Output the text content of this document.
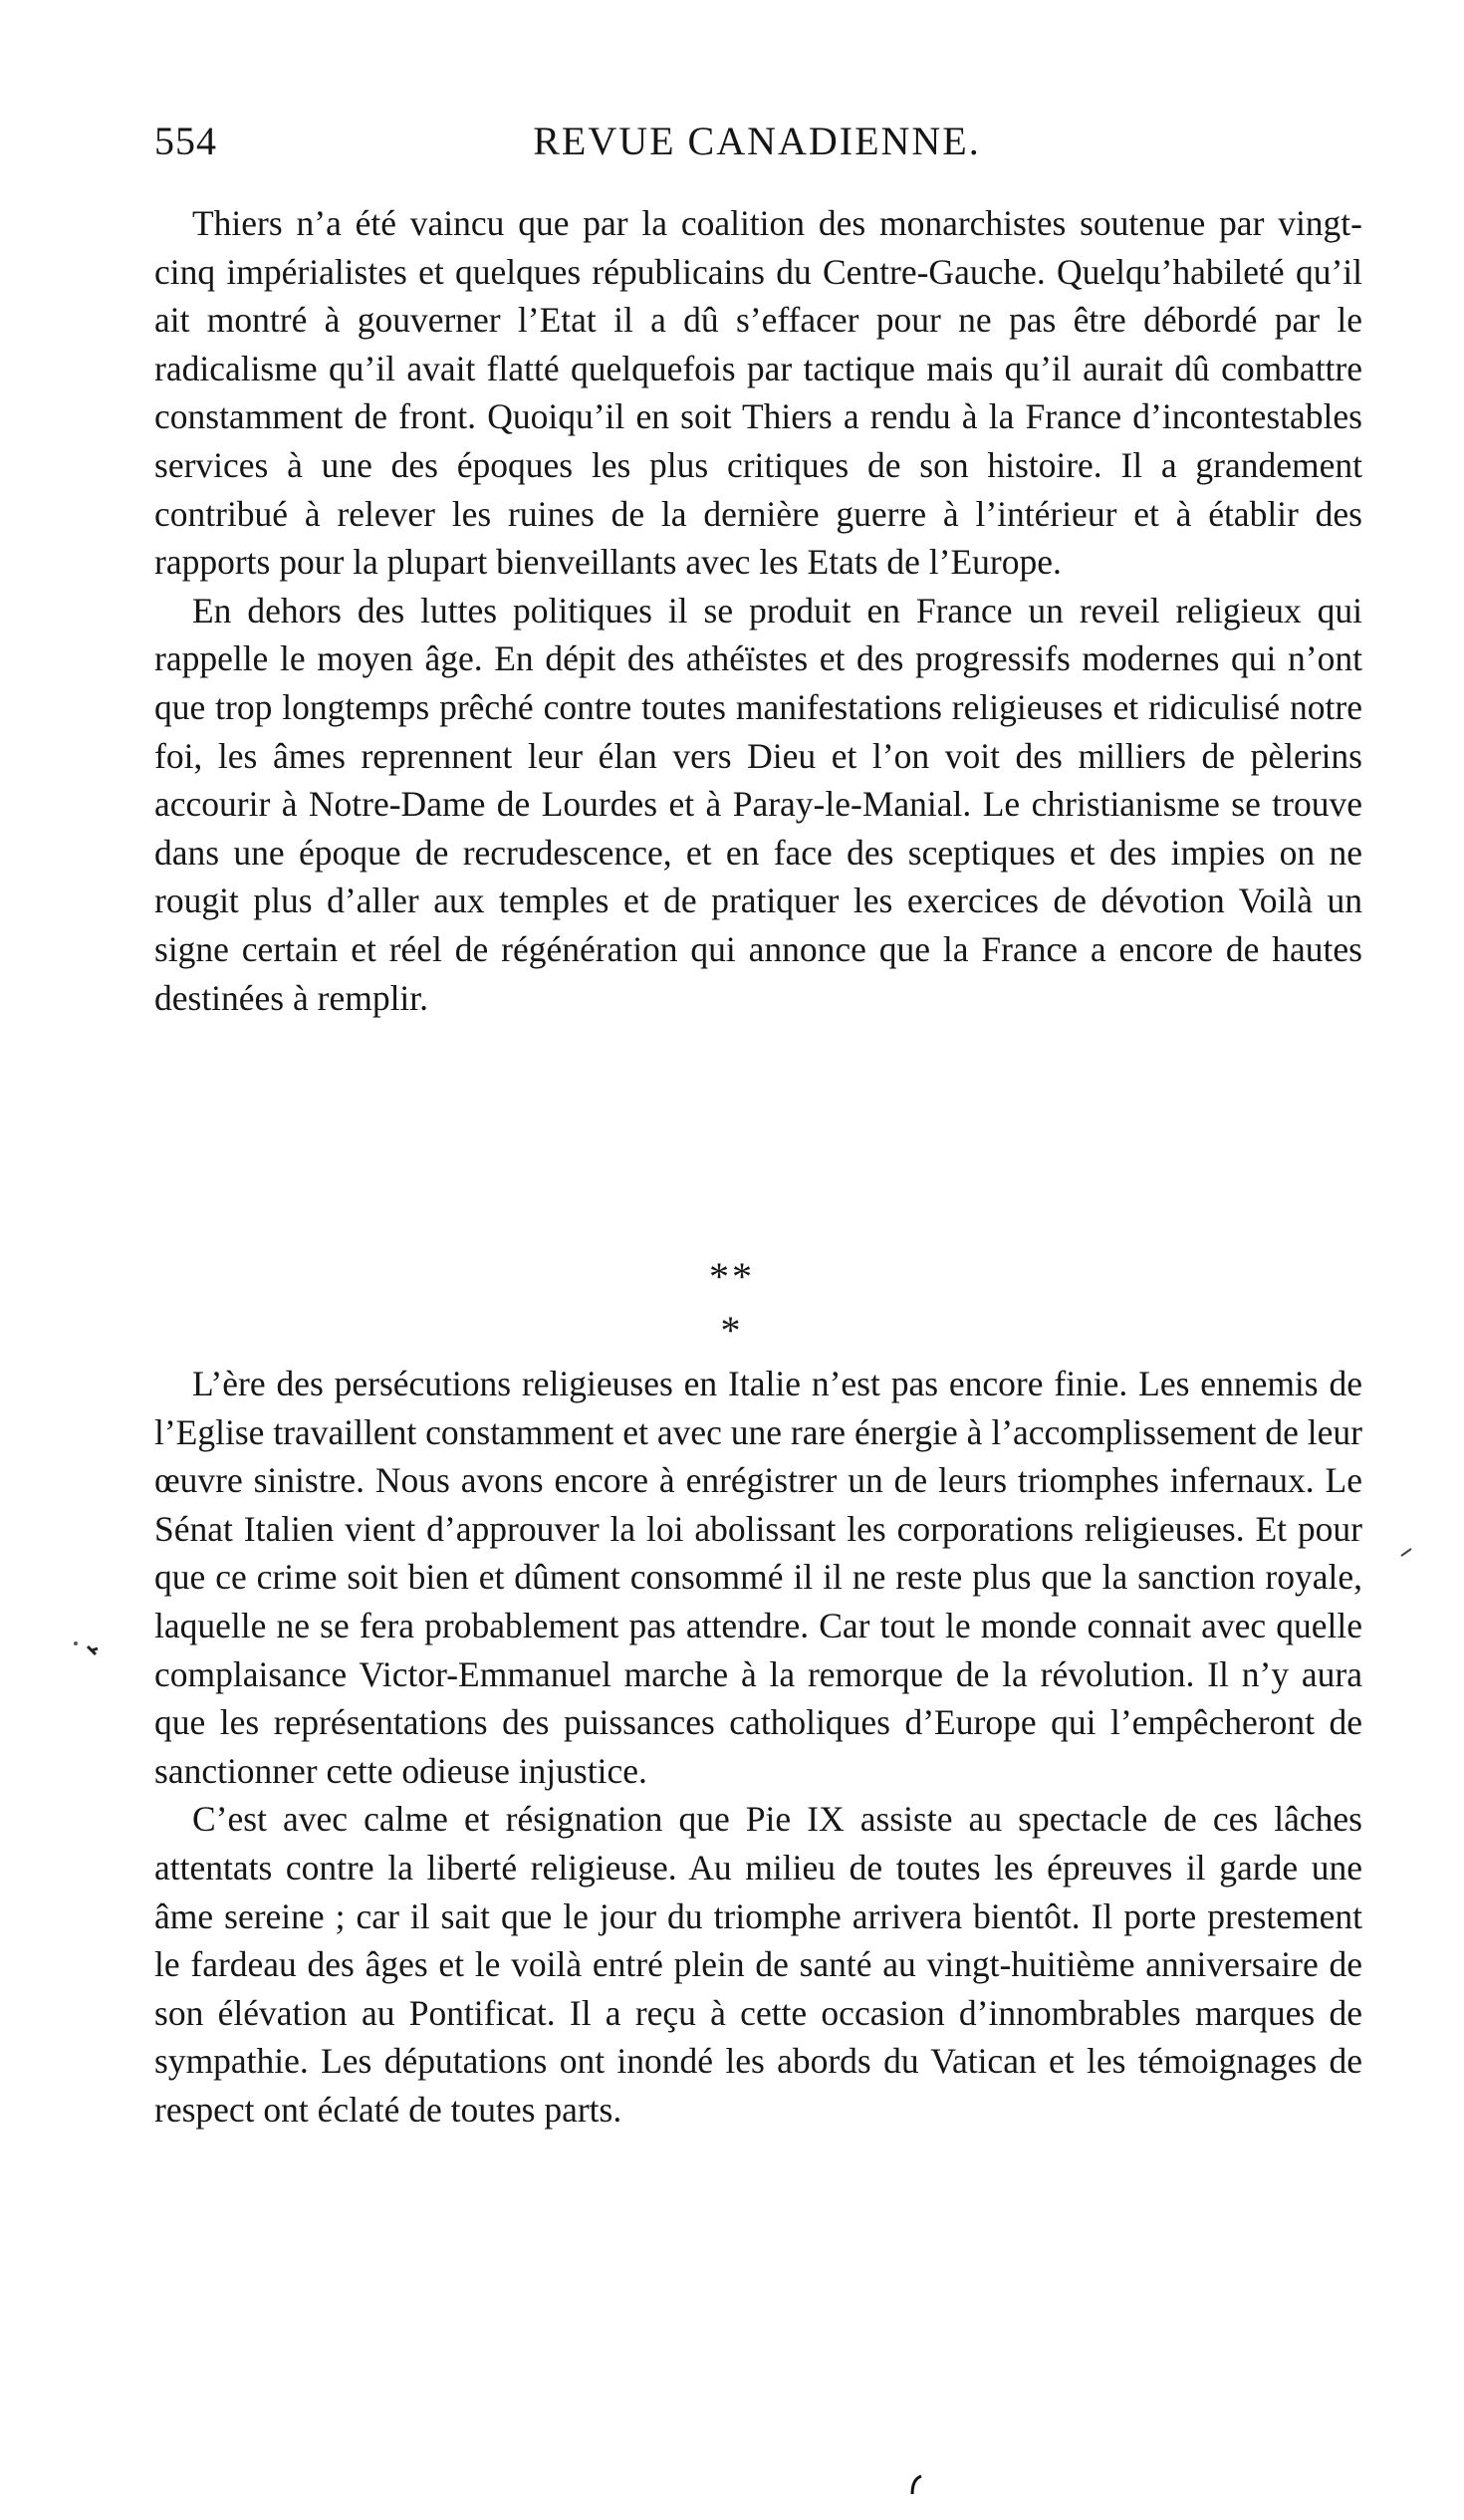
554	REVUE CANADIENNE.

Thiers n’a été vaincu que par la coalition des monarchistes soutenue par vingt-cinq impérialistes et quelques républicains du Centre-Gauche. Quelqu’habileté qu’il ait montré à gouverner l’Etat il a dû s’effacer pour ne pas être débordé par le radicalisme qu’il avait flatté quelquefois par tactique mais qu’il aurait dû combattre constamment de front. Quoiqu’il en soit Thiers a rendu à la France d’incontestables services à une des époques les plus critiques de son histoire. Il a grandement contribué à relever les ruines de la dernière guerre à l’intérieur et à établir des rapports pour la plupart bienveillants avec les Etats de l’Europe.

En dehors des luttes politiques il se produit en France un reveil religieux qui rappelle le moyen âge. En dépit des athéïstes et des progressifs modernes qui n’ont que trop longtemps prêché contre toutes manifestations religieuses et ridiculisé notre foi, les âmes reprennent leur élan vers Dieu et l’on voit des milliers de pèlerins accourir à Notre-Dame de Lourdes et à Paray-le-Manial. Le christianisme se trouve dans une époque de recrudescence, et en face des sceptiques et des impies on ne rougit plus d’aller aux temples et de pratiquer les exercices de dévotion Voilà un signe certain et réel de régénération qui annonce que la France a encore de hautes destinées à remplir.

**
*

L’ère des persécutions religieuses en Italie n’est pas encore finie. Les ennemis de l’Eglise travaillent constamment et avec une rare énergie à l’accomplissement de leur œuvre sinistre. Nous avons encore à enrégistrer un de leurs triomphes infernaux. Le Sénat Italien vient d’approuver la loi abolissant les corporations religieuses. Et pour que ce crime soit bien et dûment consommé il il ne reste plus que la sanction royale, laquelle ne se fera probablement pas attendre. Car tout le monde connait avec quelle complaisance Victor-Emmanuel marche à la remorque de la révolution. Il n’y aura que les représentations des puissances catholiques d’Europe qui l’empêcheront de sanctionner cette odieuse injustice.

C’est avec calme et résignation que Pie IX assiste au spectacle de ces lâches attentats contre la liberté religieuse. Au milieu de toutes les épreuves il garde une âme sereine ; car il sait que le jour du triomphe arrivera bientôt. Il porte prestement le fardeau des âges et le voilà entré plein de santé au vingt-huitième anniversaire de son élévation au Pontificat. Il a reçu à cette occasion d’innombrables marques de sympathie. Les députations ont inondé les abords du Vatican et les témoignages de respect ont éclaté de toutes parts.
